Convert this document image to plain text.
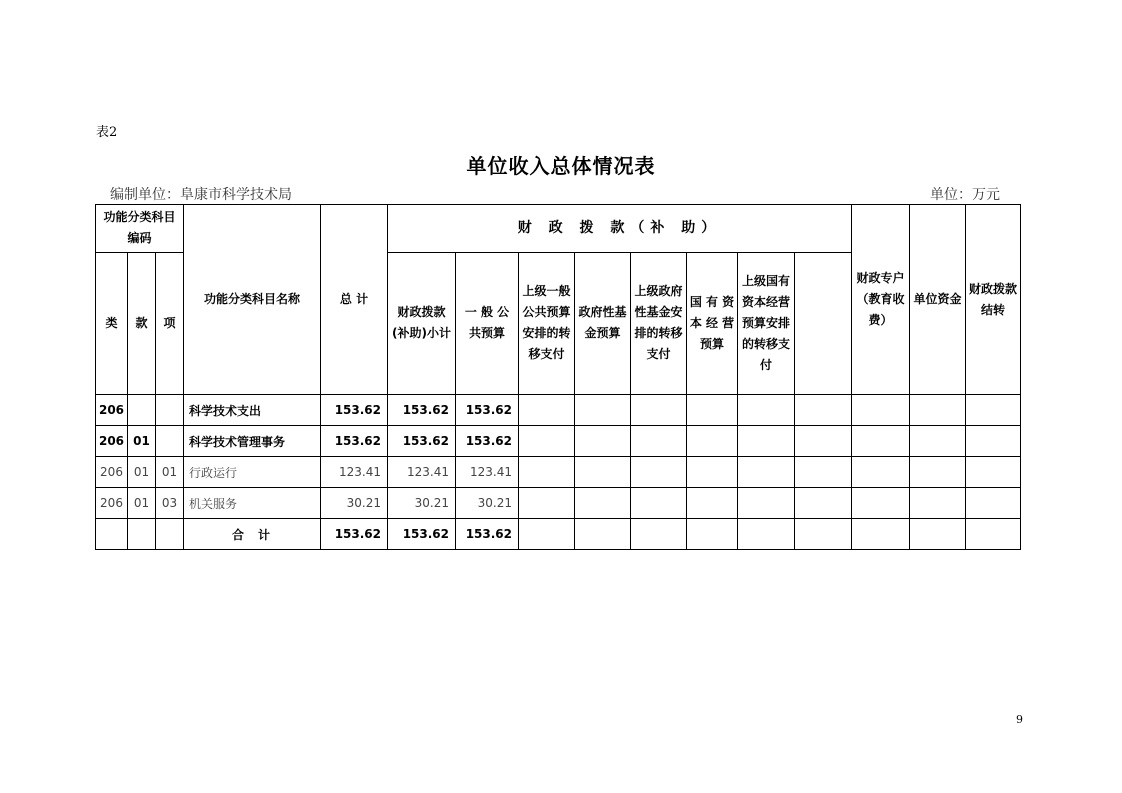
表2
单位收入总体情况表
编制单位：阜康市科学技术局	单位：万元
功能分类科目编码			功能分类科目名称	总 计	财 政 拨 款（补 助）								财政专户（教育收费）	单位资金	财政拨款结转	
类	款	项			财政拨款(补助)小计	一 般 公 共预算	上级一般公共预算安排的转移支付	政府性基金预算	上级政府性基金安排的转移支付	国 有 资 本 经 营 预算	上级国有资本经营预算安排的转移支付					
206			科学技术支出	153.62	153.62	153.62										
206	01		科学技术管理事务	153.62	153.62	153.62										
206	01	01	行政运行	123.41	123.41	123.41										
206	01	03	机关服务	30.21	30.21	30.21										
			合计	153.62	153.62	153.62										
9
